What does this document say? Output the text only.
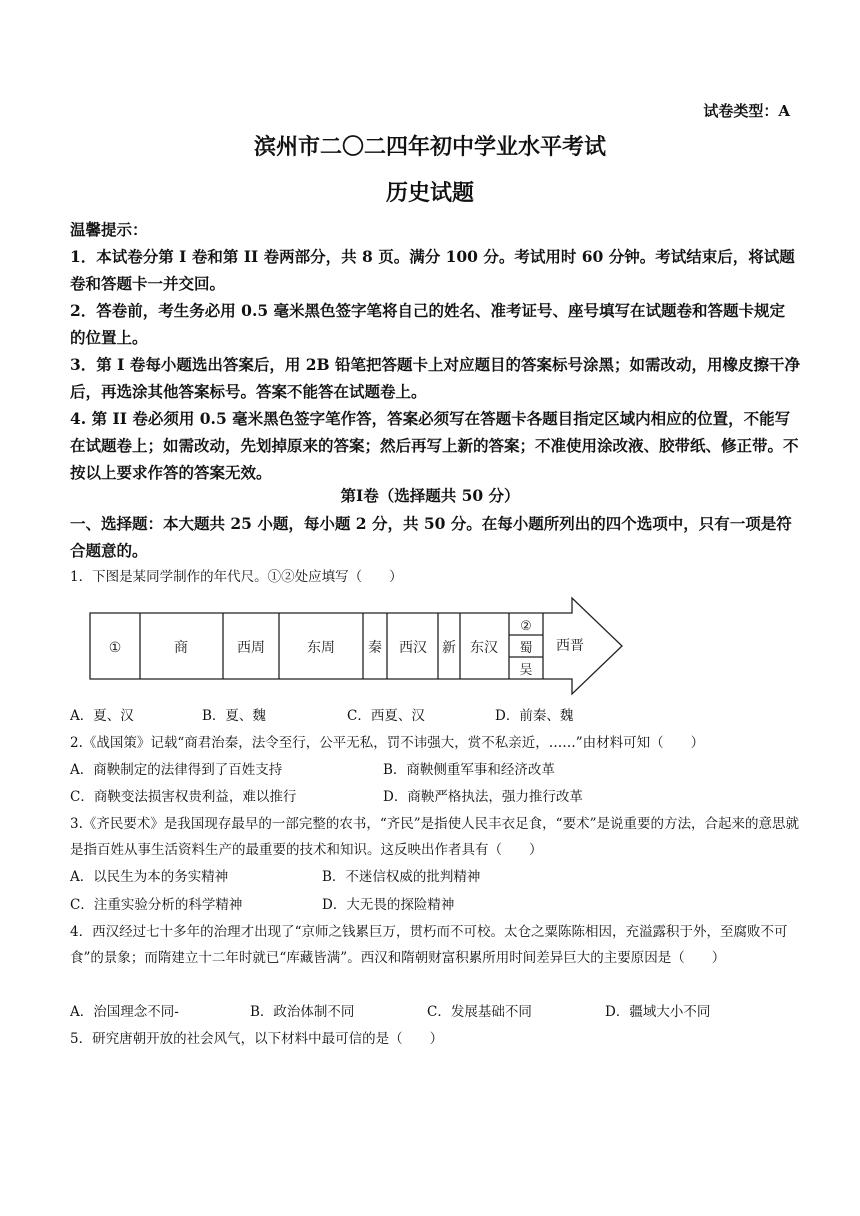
试卷类型：A
滨州市二〇二四年初中学业水平考试
历史试题
温馨提示：
1．本试卷分第 I 卷和第 II 卷两部分，共 8 页。满分 100 分。考试用时 60 分钟。考试结束后，将试题卷和答题卡一并交回。
2．答卷前，考生务必用 0.5 毫米黑色签字笔将自己的姓名、准考证号、座号填写在试题卷和答题卡规定的位置上。
3．第 I 卷每小题选出答案后，用 2B 铅笔把答题卡上对应题目的答案标号涂黑；如需改动，用橡皮擦干净后，再选涂其他答案标号。答案不能答在试题卷上。
4. 第 II 卷必须用 0.5 毫米黑色签字笔作答，答案必须写在答题卡各题目指定区域内相应的位置，不能写在试题卷上；如需改动，先划掉原来的答案；然后再写上新的答案；不准使用涂改液、胶带纸、修正带。不按以上要求作答的答案无效。
第Ⅰ卷（选择题共 50 分）
一、选择题：本大题共 25 小题，每小题 2 分，共 50 分。在每小题所列出的四个选项中，只有一项是符合题意的。
1．下图是某同学制作的年代尺。①②处应填写（　　）
①	商	西周	东周 秦 西汉 新 东汉
②
蜀
吴
西晋
A．夏、汉	B．夏、魏	C．西夏、汉	D．前秦、魏
2.《战国策》记载“商君治秦，法令至行，公平无私，罚不讳强大，赏不私亲近，……”由材料可知（　　）
A．商鞅制定的法律得到了百姓支持	B．商鞅侧重军事和经济改革
C．商鞅变法损害权贵利益，难以推行	D．商鞅严格执法，强力推行改革
3.《齐民要术》是我国现存最早的一部完整的农书，“齐民”是指使人民丰衣足食，“要术”是说重要的方法，合起来的意思就是指百姓从事生活资料生产的最重要的技术和知识。这反映出作者具有（　　）
A．以民生为本的务实精神	B．不迷信权威的批判精神
C．注重实验分析的科学精神	D．大无畏的探险精神
4．西汉经过七十多年的治理才出现了“京师之钱累巨万，贯朽而不可校。太仓之粟陈陈相因，充溢露积于外，至腐败不可食”的景象；而隋建立十二年时就已“库藏皆满”。西汉和隋朝财富积累所用时间差异巨大的主要原因是（　　）
A．治国理念不同-	B．政治体制不同	C．发展基础不同	D．疆域大小不同
5．研究唐朝开放的社会风气，以下材料中最可信的是（　　）
